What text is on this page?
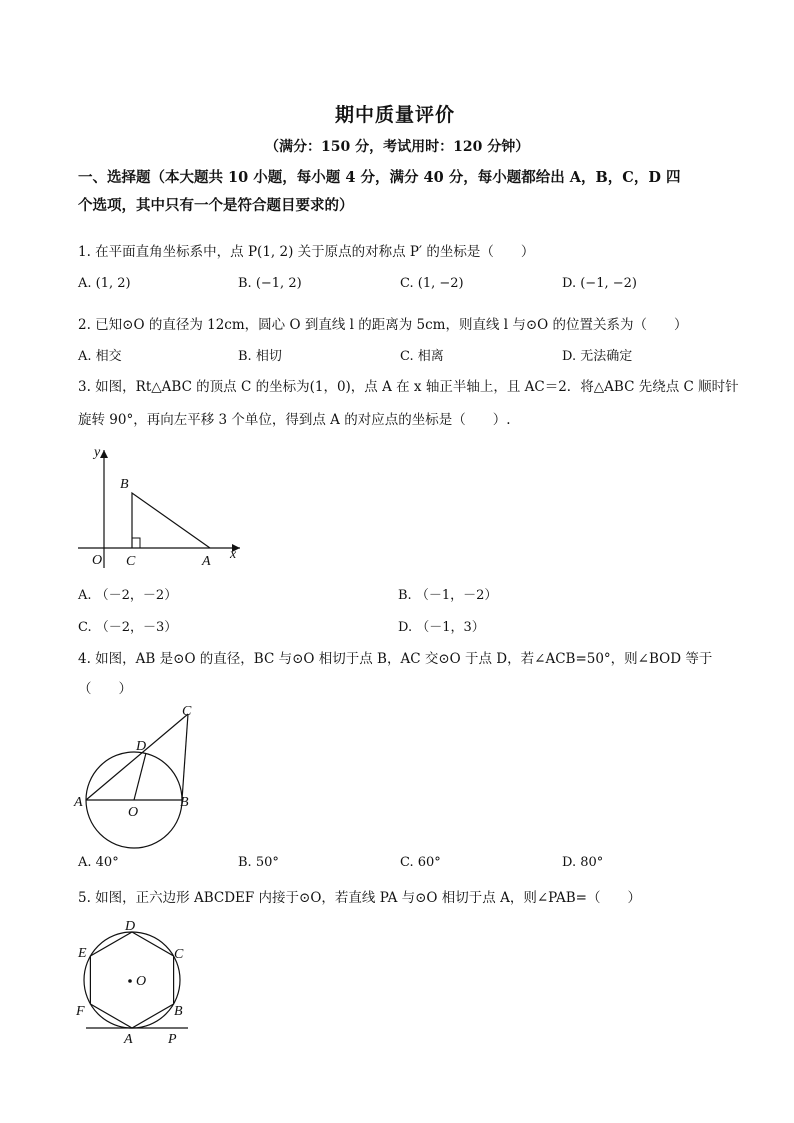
期中质量评价
（满分：150 分，考试用时：120 分钟）
一、选择题（本大题共 10 小题，每小题 4 分，满分 40 分，每小题都给出 A，B，C，D 四
个选项，其中只有一个是符合题目要求的）
1. 在平面直角坐标系中，点 P(1, 2) 关于原点的对称点 P′ 的坐标是（　　）
A. (1, 2)	B. (−1, 2)	C. (1, −2)	D. (−1, −2)
2. 已知⊙O 的直径为 12cm，圆心 O 到直线 l 的距离为 5cm，则直线 l 与⊙O 的位置关系为（　　）
A. 相交	B. 相切	C. 相离	D. 无法确定
3. 如图，Rt△ABC 的顶点 C 的坐标为(1，0)，点 A 在 x 轴正半轴上，且 AC＝2．将△ABC 先绕点 C 顺时针
旋转 90°，再向左平移 3 个单位，得到点 A 的对应点的坐标是（　　）.
y
x
O
B
C	A
A. （－2，－2）	B. （－1，－2）
C. （－2，－3）	D. （－1，3）
4. 如图，AB 是⊙O 的直径，BC 与⊙O 相切于点 B，AC 交⊙O 于点 D，若∠ACB=50°，则∠BOD 等于
（　　）
A	B
C
D
O
A. 40°	B. 50°	C. 60°	D. 80°
5. 如图，正六边形 ABCDEF 内接于⊙O，若直线 PA 与⊙O 相切于点 A，则∠PAB=（　　）
D
C
E
O
B
F
A	P
